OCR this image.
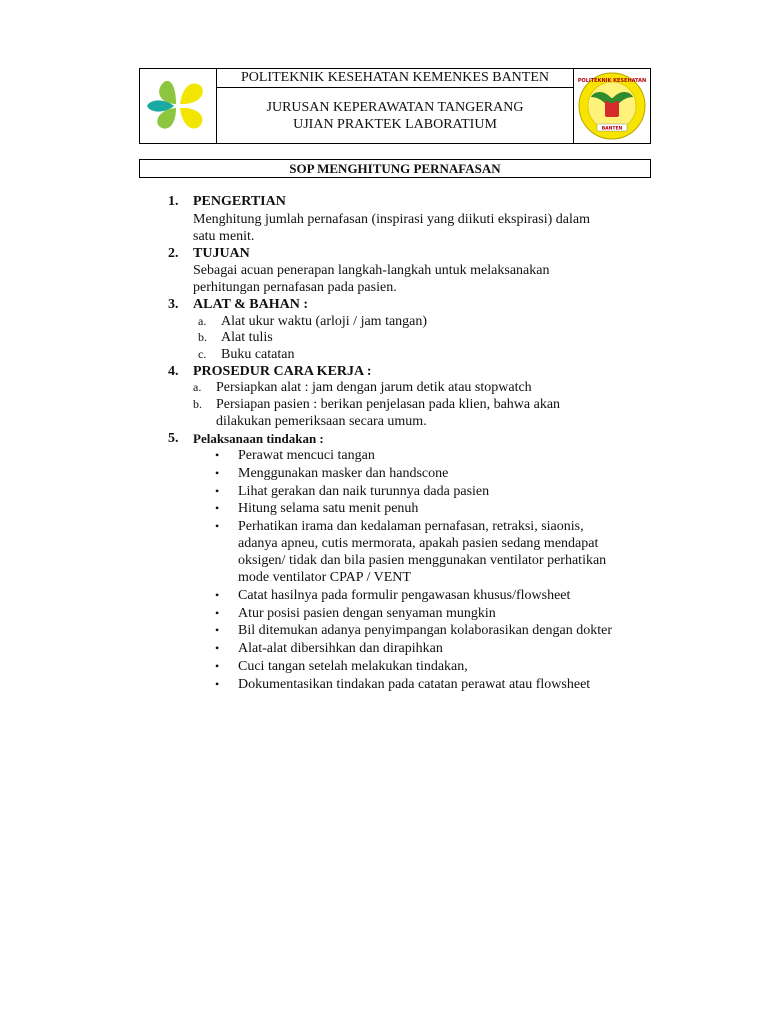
POLITEKNIK KESEHATAN KEMENKES BANTEN
JURUSAN KEPERAWATAN TANGERANG
UJIAN PRAKTEK LABORATIUM
POLITEKNIK KESEHATAN
BANTEN
SOP MENGHITUNG PERNAFASAN
1. PENGERTIAN
Menghitung jumlah pernafasan (inspirasi yang diikuti ekspirasi) dalam
satu menit.
2. TUJUAN
Sebagai acuan penerapan langkah-langkah untuk melaksanakan
perhitungan pernafasan pada pasien.
3. ALAT & BAHAN :
a. Alat ukur waktu (arloji / jam tangan)
b. Alat tulis
c. Buku catatan
4. PROSEDUR CARA KERJA :
a. Persiapkan alat : jam dengan jarum detik atau stopwatch
b. Persiapan pasien : berikan penjelasan pada klien, bahwa akan
dilakukan pemeriksaan secara umum.
5. Pelaksanaan tindakan :
• Perawat mencuci tangan
• Menggunakan masker dan handscone
• Lihat gerakan dan naik turunnya dada pasien
• Hitung selama satu menit penuh
• Perhatikan irama dan kedalaman pernafasan, retraksi, siaonis,
adanya apneu, cutis mermorata, apakah pasien sedang mendapat
oksigen/ tidak dan bila pasien menggunakan ventilator perhatikan
mode ventilator CPAP / VENT
• Catat hasilnya pada formulir pengawasan khusus/flowsheet
• Atur posisi pasien dengan senyaman mungkin
• Bil ditemukan adanya penyimpangan kolaborasikan dengan dokter
• Alat-alat dibersihkan dan dirapihkan
• Cuci tangan setelah melakukan tindakan,
• Dokumentasikan tindakan pada catatan perawat atau flowsheet
